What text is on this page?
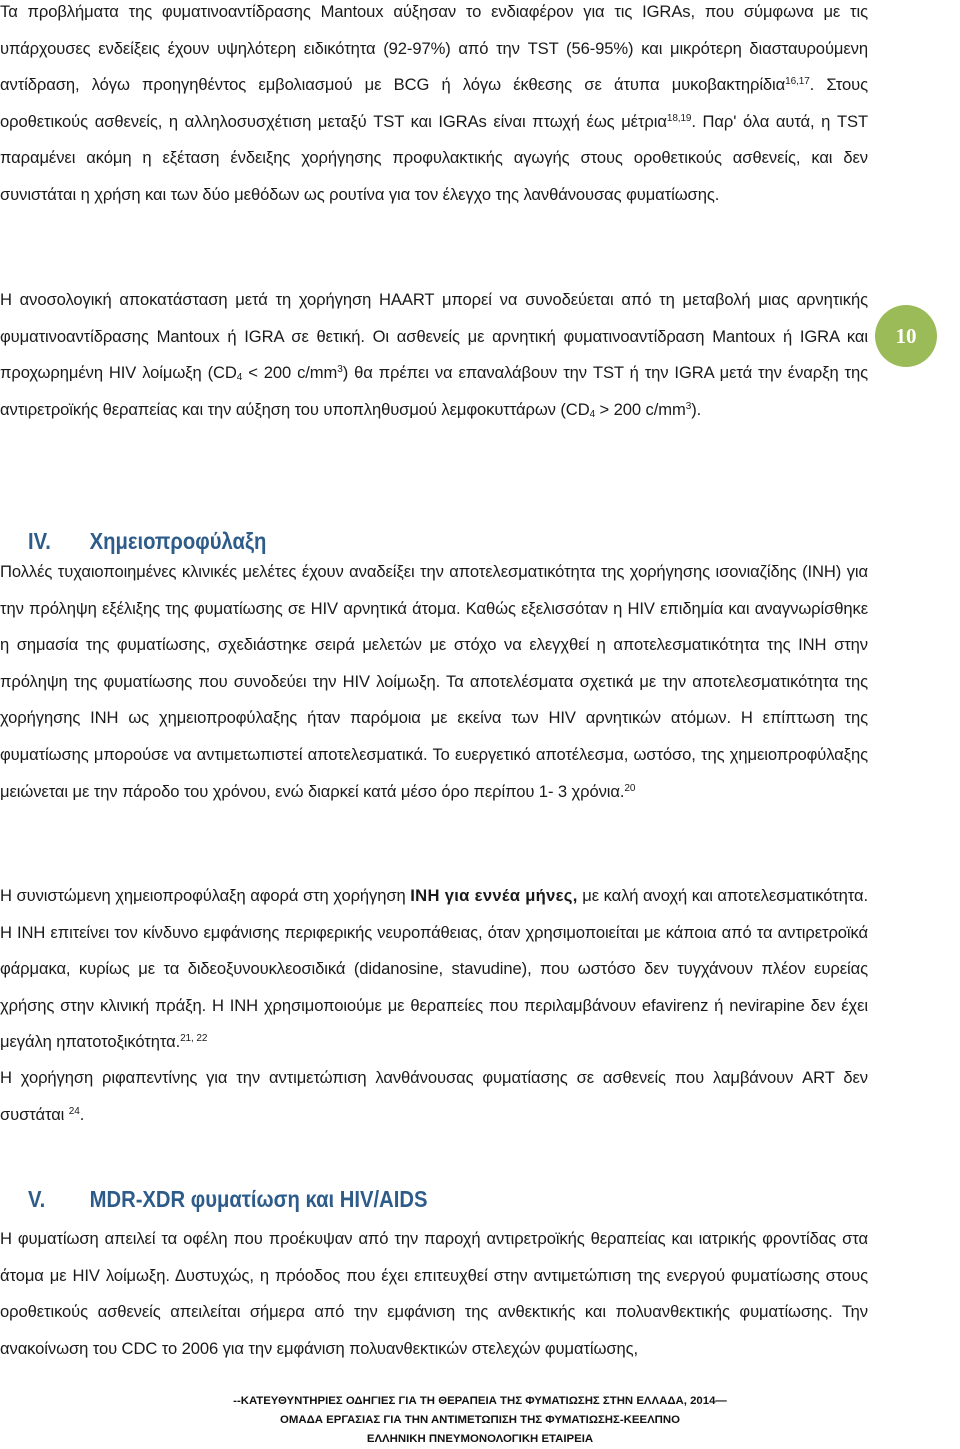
Τα προβλήματα της φυματινοαντίδρασης Mantoux αύξησαν το ενδιαφέρον για τις IGRAs, που σύμφωνα με τις υπάρχουσες ενδείξεις έχουν υψηλότερη ειδικότητα (92-97%) από την TST (56-95%) και μικρότερη διασταυρούμενη αντίδραση, λόγω προηγηθέντος εμβολιασμού με BCG ή λόγω έκθεσης σε άτυπα μυκοβακτηρίδια$^{16,17}$. Στους οροθετικούς ασθενείς, η αλληλοσυσχέτιση μεταξύ TST και IGRAs είναι πτωχή έως μέτρια$^{18,19}$. Παρ' όλα αυτά, η TST παραμένει ακόμη η εξέταση ένδειξης χορήγησης προφυλακτικής αγωγής στους οροθετικούς ασθενείς, και δεν συνιστάται η χρήση και των δύο μεθόδων ως ρουτίνα για τον έλεγχο της λανθάνουσας φυματίωσης.

Η ανοσολογική αποκατάσταση μετά τη χορήγηση HAART μπορεί να συνοδεύεται από τη μεταβολή μιας αρνητικής φυματινοαντίδρασης Mantoux ή IGRA σε θετική. Οι ασθενείς με αρνητική φυματινοαντίδραση Mantoux ή IGRA και προχωρημένη HIV λοίμωξη ($CD_4 < 200$ $c/mm^3$) θα πρέπει να επαναλάβουν την TST ή την IGRA μετά την έναρξη της αντιρετροϊκής θεραπείας και την αύξηση του υποπληθυσμού λεμφοκυττάρων ($CD_4 > 200$ $c/mm^3$).

10
IV. Χημειοπροφύλαξη

Πολλές τυχαιοποιημένες κλινικές μελέτες έχουν αναδείξει την αποτελεσματικότητα της χορήγησης ισονιαζίδης (INH) για την πρόληψη εξέλιξης της φυματίωσης σε HIV αρνητικά άτομα. Καθώς εξελισσόταν η HIV επιδημία και αναγνωρίσθηκε η σημασία της φυματίωσης, σχεδιάστηκε σειρά μελετών με στόχο να ελεγχθεί η αποτελεσματικότητα της INH στην πρόληψη της φυματίωσης που συνοδεύει την HIV λοίμωξη. Τα αποτελέσματα σχετικά με την αποτελεσματικότητα της χορήγησης INH ως χημειοπροφύλαξης ήταν παρόμοια με εκείνα των HIV αρνητικών ατόμων. Η επίπτωση της φυματίωσης μπορούσε να αντιμετωπιστεί αποτελεσματικά. Το ευεργετικό αποτέλεσμα, ωστόσο, της χημειοπροφύλαξης μειώνεται με την πάροδο του χρόνου, ενώ διαρκεί κατά μέσο όρο περίπου 1- 3 χρόνια.$^{20}$

Η συνιστώμενη χημειοπροφύλαξη αφορά στη χορήγηση INH για εννέα μήνες, με καλή ανοχή και αποτελεσματικότητα. Η INH επιτείνει τον κίνδυνο εμφάνισης περιφερικής νευροπάθειας, όταν χρησιμοποιείται με κάποια από τα αντιρετροϊκά φάρμακα, κυρίως με τα διδεοξυνουκλεοσιδικά (didanosine, stavudine), που ωστόσο δεν τυγχάνουν πλέον ευρείας χρήσης στην κλινική πράξη. Η INH χρησιμοποιούμε με θεραπείες που περιλαμβάνουν efavirenz ή nevirapine δεν έχει μεγάλη ηπατοτοξικότητα.$^{21, 22}$

Η χορήγηση ριφαπεντίνης για την αντιμετώπιση λανθάνουσας φυματίασης σε ασθενείς που λαμβάνουν ART δεν συστάται $^{24}$.

V. MDR-XDR φυματίωση και HIV/AIDS

Η φυματίωση απειλεί τα οφέλη που προέκυψαν από την παροχή αντιρετροϊκής θεραπείας και ιατρικής φροντίδας στα άτομα με HIV λοίμωξη. Δυστυχώς, η πρόοδος που έχει επιτευχθεί στην αντιμετώπιση της ενεργού φυματίωσης στους οροθετικούς ασθενείς απειλείται σήμερα από την εμφάνιση της ανθεκτικής και πολυανθεκτικής φυματίωσης. Την ανακοίνωση του CDC το 2006 για την εμφάνιση πολυανθεκτικών στελεχών φυματίωσης,

--ΚΑΤΕΥΘΥΝΤΗΡΙΕΣ ΟΔΗΓΙΕΣ ΓΙΑ ΤΗ ΘΕΡΑΠΕΙΑ ΤΗΣ ΦΥΜΑΤΙΩΣΗΣ ΣΤΗΝ ΕΛΛΑΔΑ, 2014—
ΟΜΑΔΑ ΕΡΓΑΣΙΑΣ ΓΙΑ ΤΗΝ ΑΝΤΙΜΕΤΩΠΙΣΗ ΤΗΣ ΦΥΜΑΤΙΩΣΗΣ-ΚΕΕΛΠΝΟ
ΕΛΛΗΝΙΚΗ ΠΝΕΥΜΟΝΟΛΟΓΙΚΗ ΕΤΑΙΡΕΙΑ
